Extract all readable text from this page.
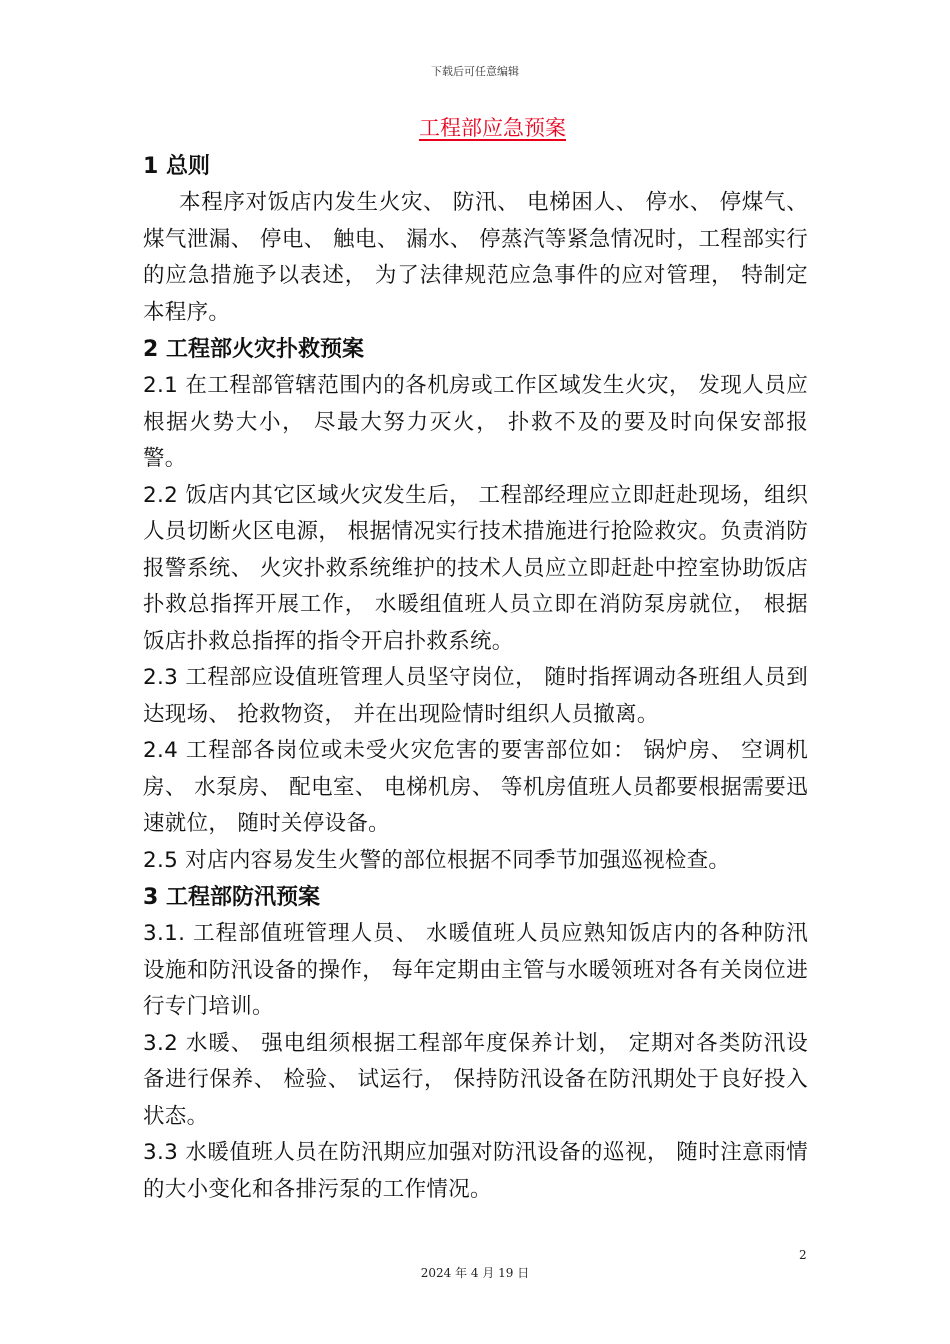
下载后可任意编辑
工程部应急预案

1 总则

本程序对饭店内发生火灾、 防汛、 电梯困人、 停水、 停煤气、 煤气泄漏、 停电、 触电、 漏水、 停蒸汽等紧急情况时，工程部实行的应急措施予以表述， 为了法律规范应急事件的应对管理， 特制定本程序。

2 工程部火灾扑救预案

2.1 在工程部管辖范围内的各机房或工作区域发生火灾， 发现人员应根据火势大小， 尽最大努力灭火， 扑救不及的要及时向保安部报警。

2.2 饭店内其它区域火灾发生后， 工程部经理应立即赶赴现场，组织人员切断火区电源， 根据情况实行技术措施进行抢险救灾。负责消防报警系统、 火灾扑救系统维护的技术人员应立即赶赴中控室协助饭店扑救总指挥开展工作， 水暖组值班人员立即在消防泵房就位， 根据饭店扑救总指挥的指令开启扑救系统。

2.3 工程部应设值班管理人员坚守岗位， 随时指挥调动各班组人员到达现场、 抢救物资， 并在出现险情时组织人员撤离。

2.4 工程部各岗位或未受火灾危害的要害部位如： 锅炉房、 空调机房、 水泵房、 配电室、 电梯机房、 等机房值班人员都要根据需要迅速就位， 随时关停设备。

2.5 对店内容易发生火警的部位根据不同季节加强巡视检查。

3 工程部防汛预案

3.1. 工程部值班管理人员、 水暖值班人员应熟知饭店内的各种防汛设施和防汛设备的操作， 每年定期由主管与水暖领班对各有关岗位进行专门培训。

3.2 水暖、 强电组须根据工程部年度保养计划， 定期对各类防汛设备进行保养、 检验、 试运行， 保持防汛设备在防汛期处于良好投入状态。

3.3 水暖值班人员在防汛期应加强对防汛设备的巡视， 随时注意雨情的大小变化和各排污泵的工作情况。

2
2024 年 4 月 19 日
